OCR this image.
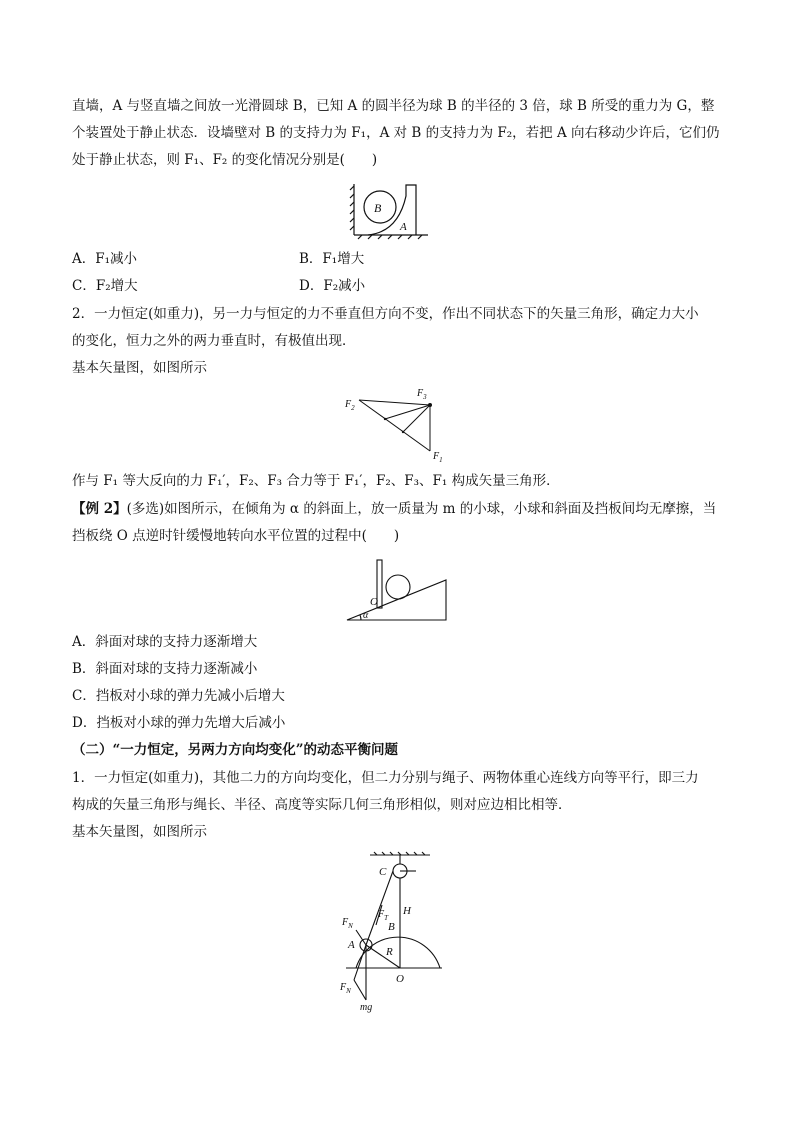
直墙，A 与竖直墙之间放一光滑圆球 B，已知 A 的圆半径为球 B 的半径的 3 倍，球 B 所受的重力为 G，整
个装置处于静止状态．设墙壁对 B 的支持力为 F₁，A 对 B 的支持力为 F₂，若把 A 向右移动少许后，它们仍
处于静止状态，则 F₁、F₂ 的变化情况分别是(　　)
B
A
A．F₁减小	B．F₁增大
C．F₂增大	D．F₂减小
2．一力恒定(如重力)，另一力与恒定的力不垂直但方向不变，作出不同状态下的矢量三角形，确定力大小
的变化，恒力之外的两力垂直时，有极值出现．
基本矢量图，如图所示
$F_2$
$F_3$
$F_1$
作与 F₁ 等大反向的力 F₁′，F₂、F₃ 合力等于 F₁′，F₂、F₃、F₁ 构成矢量三角形．
【例 2】(多选)如图所示，在倾角为 α 的斜面上，放一质量为 m 的小球，小球和斜面及挡板间均无摩擦，当
挡板绕 O 点逆时针缓慢地转向水平位置的过程中(　　)
O
α
A．斜面对球的支持力逐渐增大
B．斜面对球的支持力逐渐减小
C．挡板对小球的弹力先减小后增大
D．挡板对小球的弹力先增大后减小
（二）“一力恒定，另两力方向均变化”的动态平衡问题
1．一力恒定(如重力)，其他二力的方向均变化，但二力分别与绳子、两物体重心连线方向等平行，即三力
构成的矢量三角形与绳长、半径、高度等实际几何三角形相似，则对应边相比相等．
基本矢量图，如图所示
C
H
$F_T$
B
$F_N$
A
R
O
$F_N$
mg
